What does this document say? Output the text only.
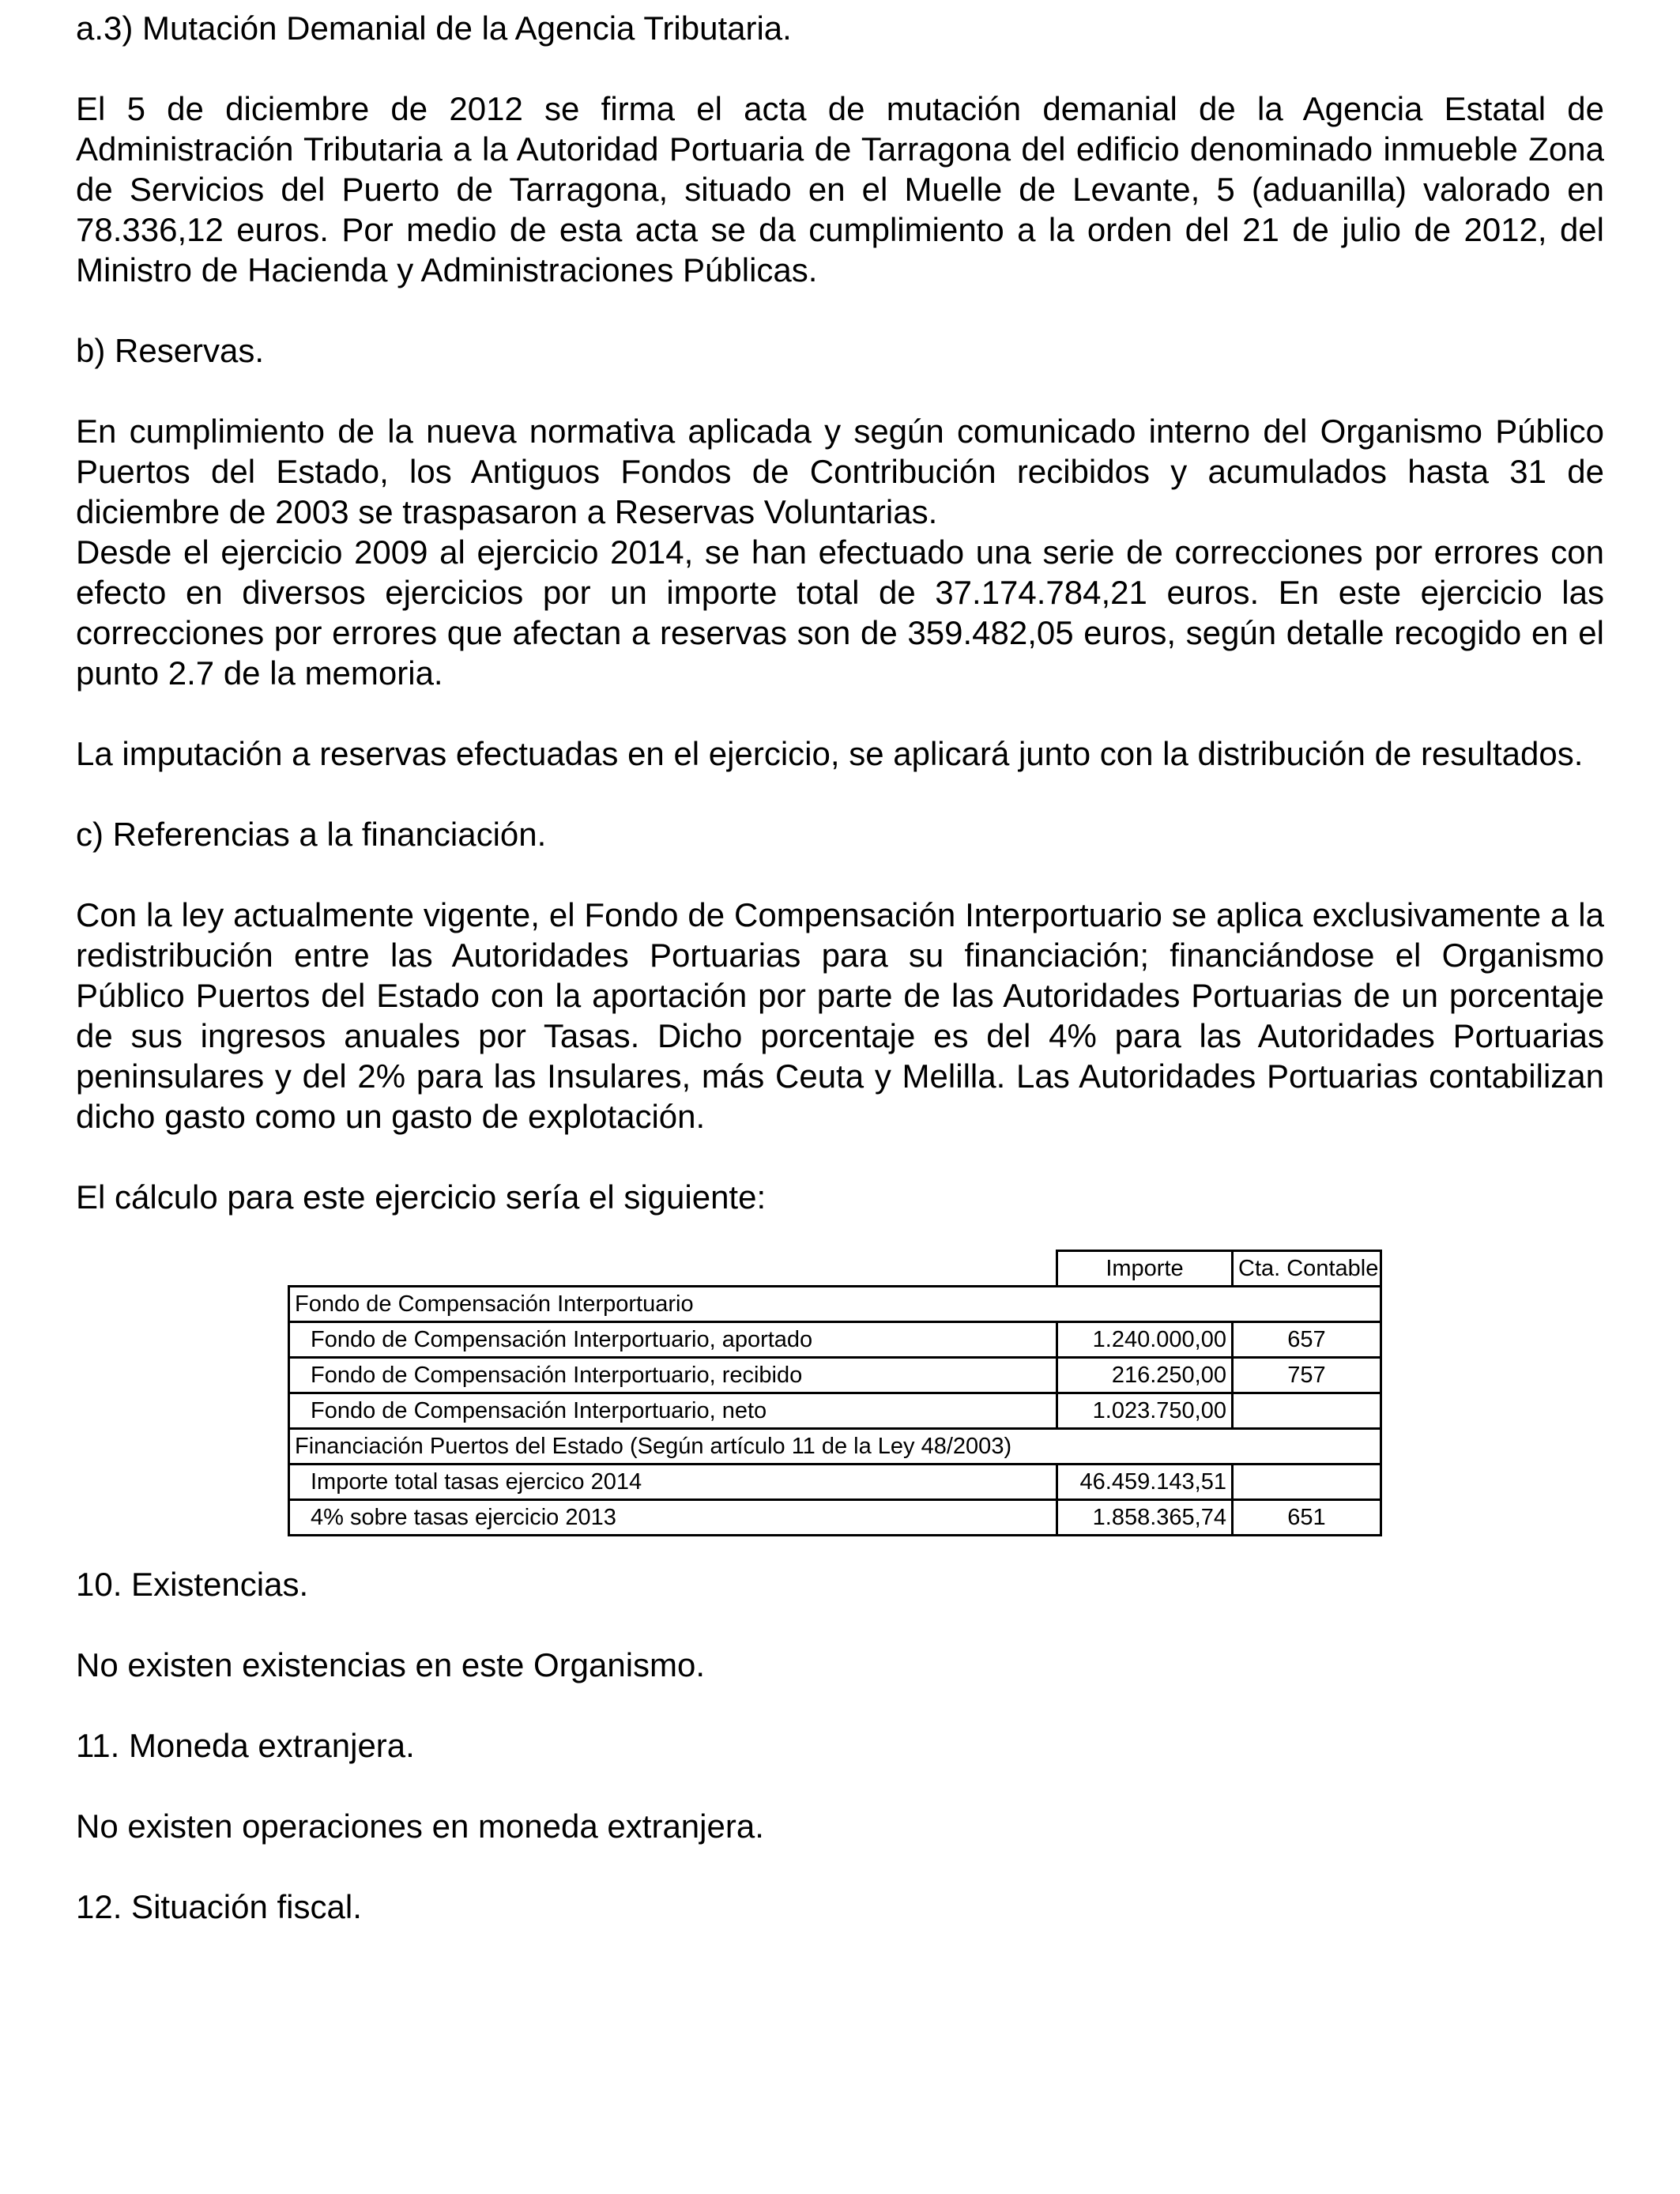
a.3) Mutación Demanial de la Agencia Tributaria.

El 5 de diciembre de 2012 se firma el acta de mutación demanial de la Agencia Estatal de Administración Tributaria a la Autoridad Portuaria de Tarragona del edificio denominado inmueble Zona de Servicios del Puerto de Tarragona, situado en el Muelle de Levante, 5 (aduanilla) valorado en 78.336,12 euros. Por medio de esta acta se da cumplimiento a la orden del 21 de julio de 2012, del Ministro de Hacienda y Administraciones Públicas.

b) Reservas.

En cumplimiento de la nueva normativa aplicada y según comunicado interno del Organismo Público Puertos del Estado, los Antiguos Fondos de Contribución recibidos y acumulados hasta 31 de diciembre de 2003 se traspasaron a Reservas Voluntarias.

Desde el ejercicio 2009 al ejercicio 2014, se han efectuado una serie de correcciones por errores con efecto en diversos ejercicios por un importe total de 37.174.784,21 euros. En este ejercicio las correcciones por errores que afectan a reservas son de 359.482,05 euros, según detalle recogido en el punto 2.7 de la memoria.

La imputación a reservas efectuadas en el ejercicio, se aplicará junto con la distribución de resultados.

c) Referencias a la financiación.

Con la ley actualmente vigente, el Fondo de Compensación Interportuario se aplica exclusivamente a la redistribución entre las Autoridades Portuarias para su financiación; financiándose el Organismo Público Puertos del Estado con la aportación por parte de las Autoridades Portuarias de un porcentaje de sus ingresos anuales por Tasas. Dicho porcentaje es del 4% para las Autoridades Portuarias peninsulares y del 2% para las Insulares, más Ceuta y Melilla. Las Autoridades Portuarias contabilizan dicho gasto como un gasto de explotación.

El cálculo para este ejercicio sería el siguiente:

	Importe	Cta. Contable
Fondo de Compensación Interportuario		
Fondo de Compensación Interportuario, aportado	1.240.000,00	657
Fondo de Compensación Interportuario, recibido	216.250,00	757
Fondo de Compensación Interportuario, neto	1.023.750,00	
Financiación Puertos del Estado (Según artículo 11 de la Ley 48/2003)		
Importe total tasas ejercico 2014	46.459.143,51	
4% sobre tasas ejercicio 2013	1.858.365,74	651

10. Existencias.

No existen existencias en este Organismo.

11. Moneda extranjera.

No existen operaciones en moneda extranjera.

12. Situación fiscal.
